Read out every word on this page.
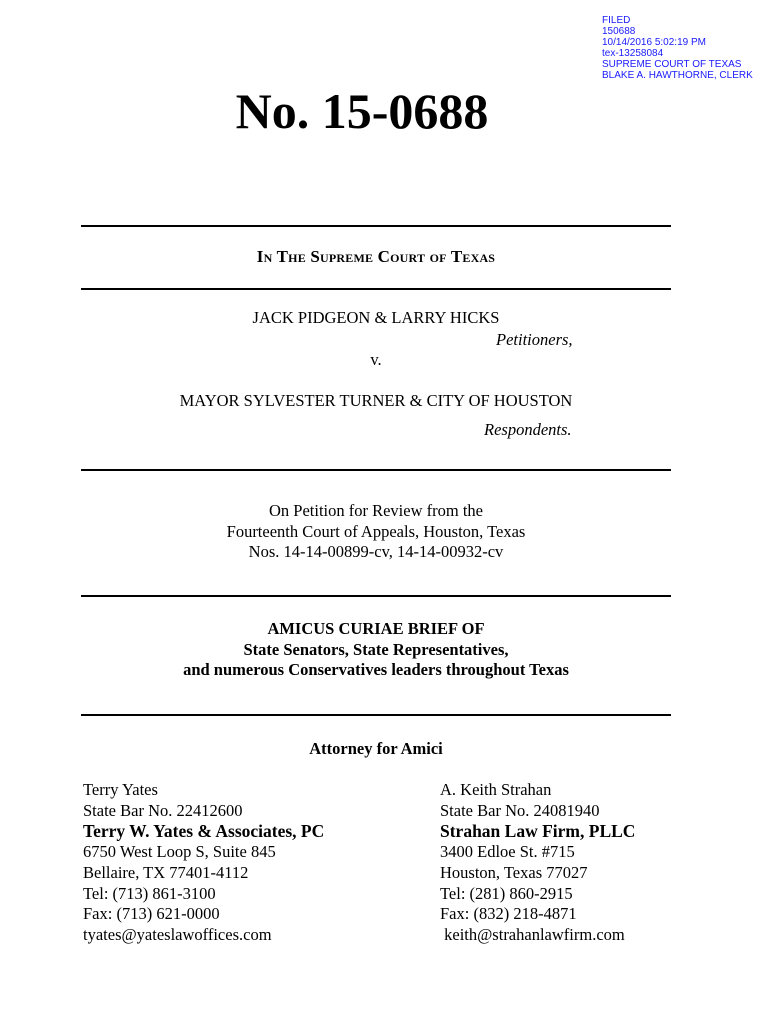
FILED
150688
10/14/2016 5:02:19 PM
tex-13258084
SUPREME COURT OF TEXAS
BLAKE A. HAWTHORNE, CLERK
No. 15-0688
In The Supreme Court of Texas
JACK PIDGEON & LARRY HICKS
Petitioners,
v.
MAYOR SYLVESTER TURNER & CITY OF HOUSTON
Respondents.
On Petition for Review from the
Fourteenth Court of Appeals, Houston, Texas
Nos. 14-14-00899-cv, 14-14-00932-cv
AMICUS CURIAE BRIEF OF
State Senators, State Representatives,
and numerous Conservatives leaders throughout Texas
Attorney for Amici
Terry Yates
State Bar No. 22412600
Terry W. Yates & Associates, PC
6750 West Loop S, Suite 845
Bellaire, TX 77401-4112
Tel: (713) 861-3100
Fax: (713) 621-0000
tyates@yateslawoffices.com
A. Keith Strahan
State Bar No. 24081940
Strahan Law Firm, PLLC
3400 Edloe St. #715
Houston, Texas 77027
Tel: (281) 860-2915
Fax: (832) 218-4871
keith@strahanlawfirm.com
